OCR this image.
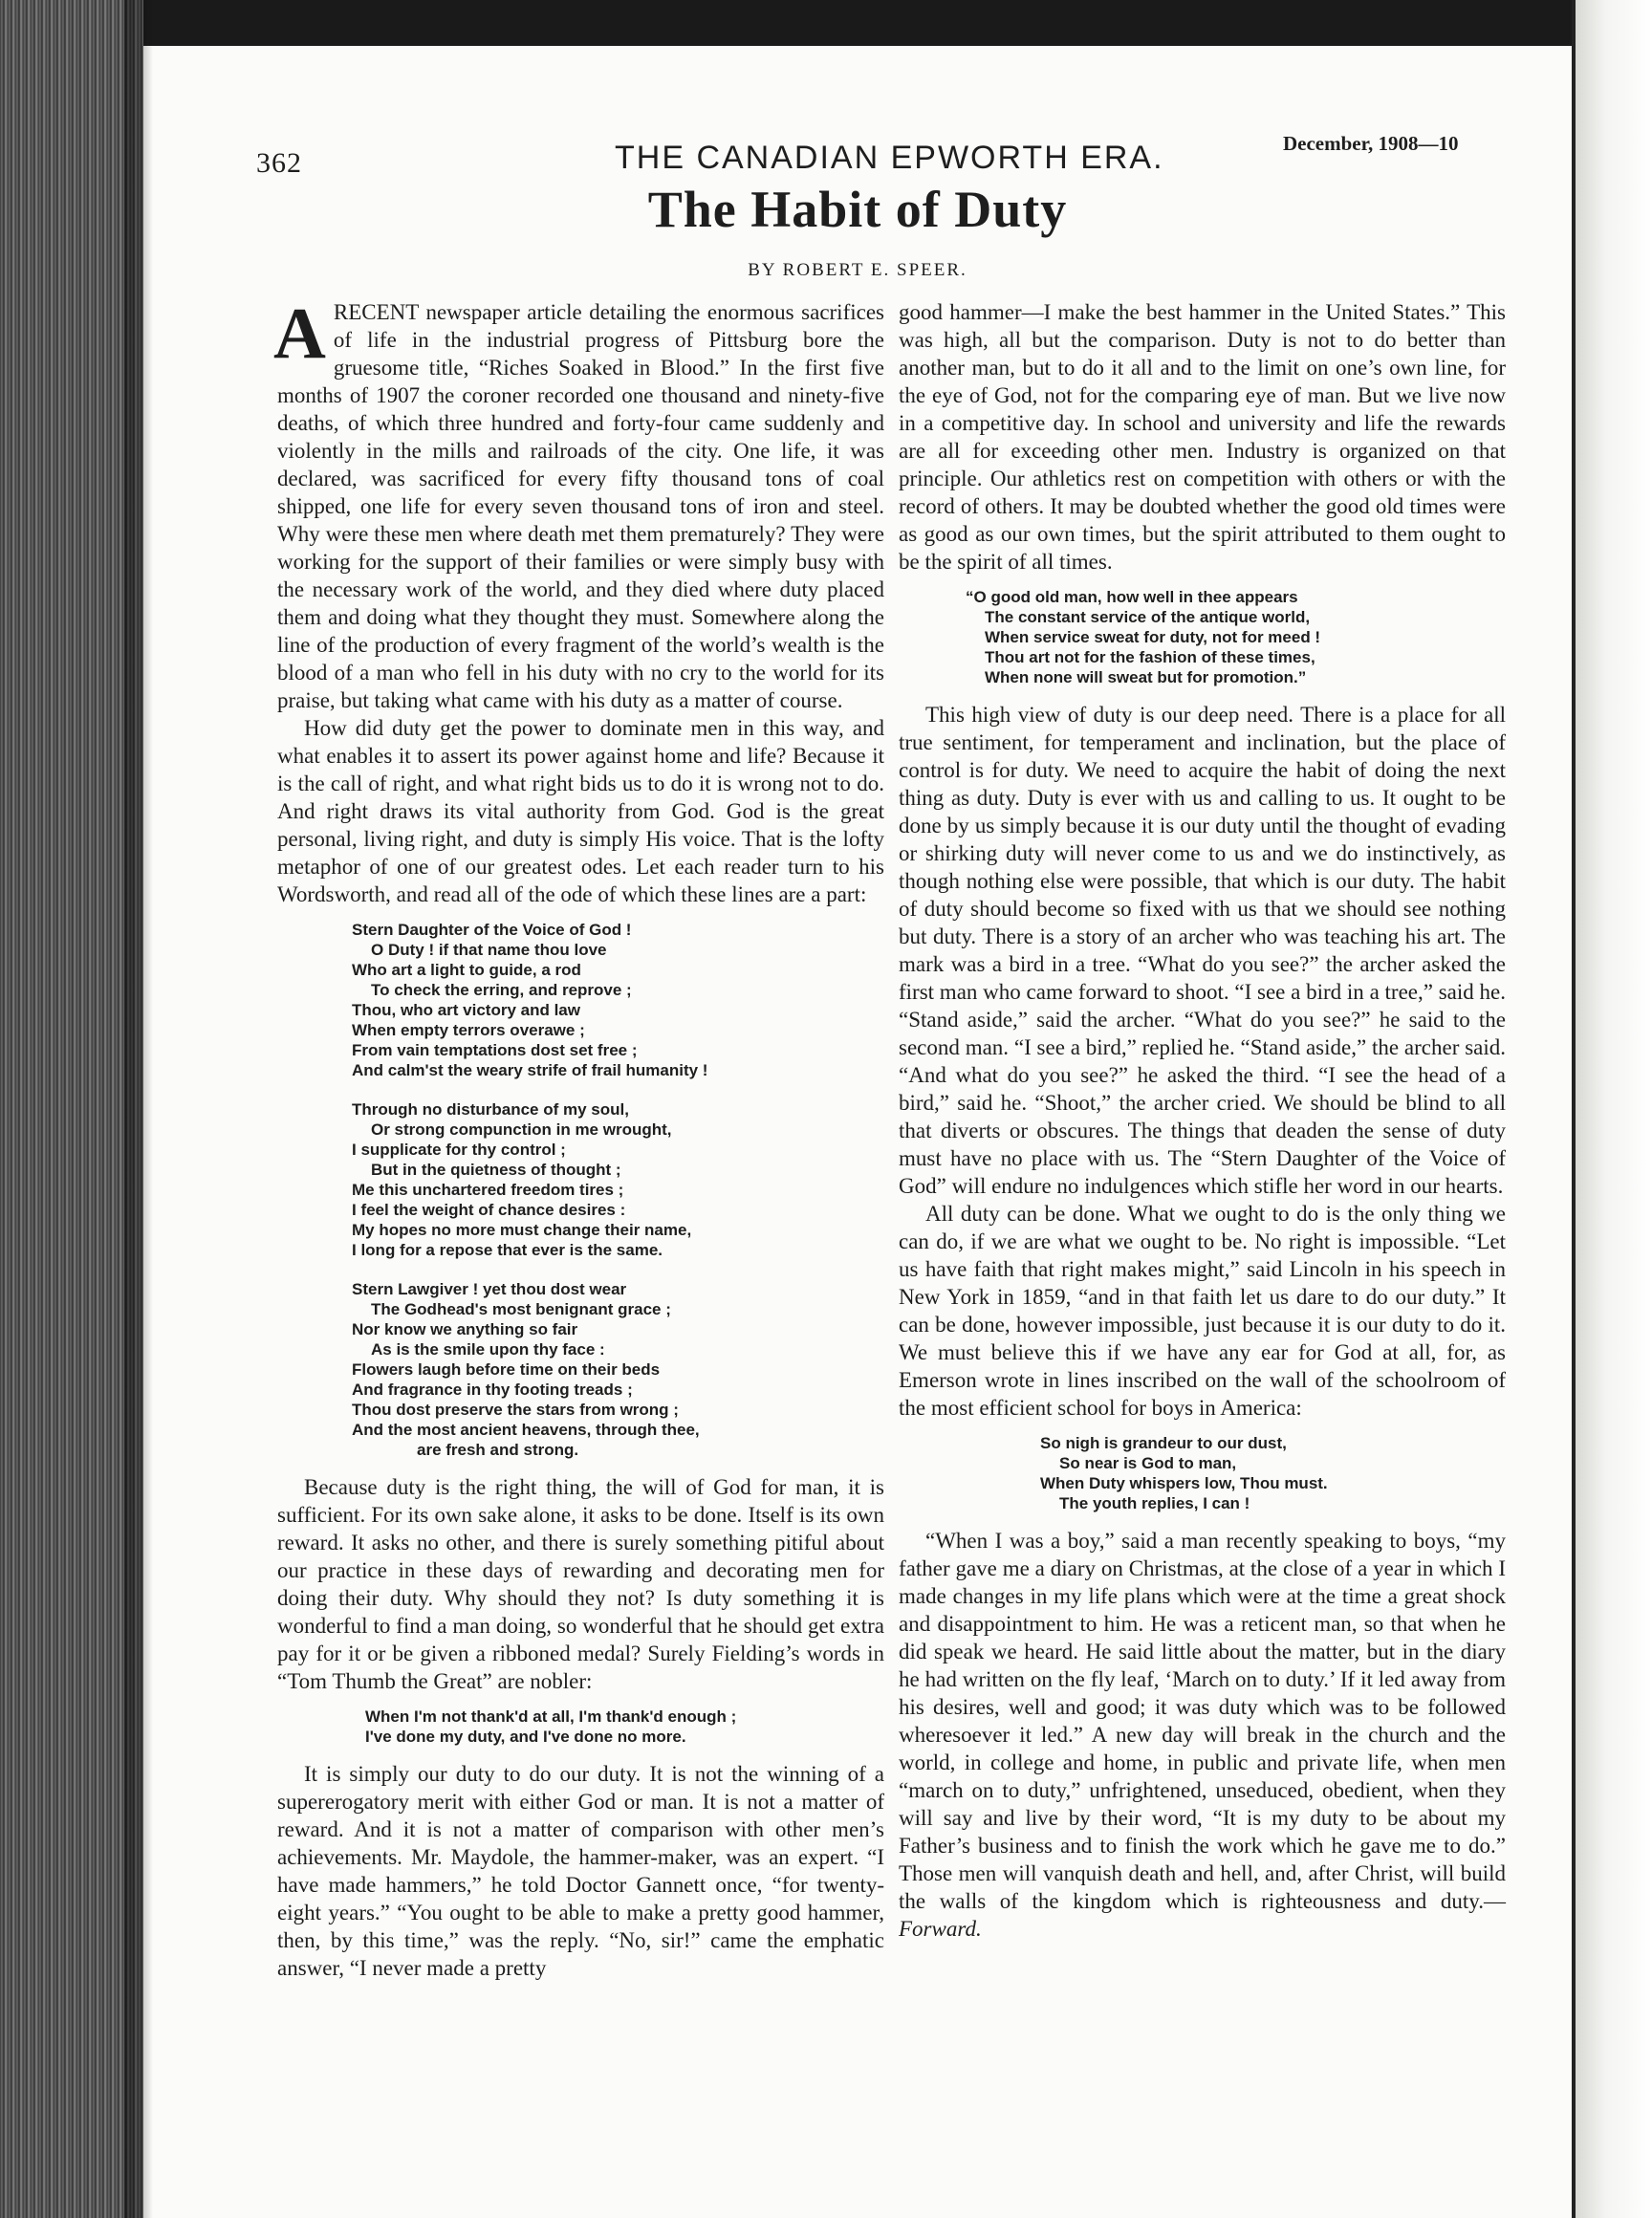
362	THE CANADIAN EPWORTH ERA.	December, 1908—10
The Habit of Duty
BY ROBERT E. SPEER.

A RECENT newspaper article detailing the enormous sacrifices of life in the industrial progress of Pittsburg bore the gruesome title, “Riches Soaked in Blood.” In the first five months of 1907 the coroner recorded one thousand and ninety-five deaths, of which three hundred and forty-four came suddenly and violently in the mills and railroads of the city. One life, it was declared, was sacrificed for every fifty thousand tons of coal shipped, one life for every seven thousand tons of iron and steel. Why were these men where death met them prematurely? They were working for the support of their families or were simply busy with the necessary work of the world, and they died where duty placed them and doing what they thought they must. Somewhere along the line of the production of every fragment of the world’s wealth is the blood of a man who fell in his duty with no cry to the world for its praise, but taking what came with his duty as a matter of course.

How did duty get the power to dominate men in this way, and what enables it to assert its power against home and life? Because it is the call of right, and what right bids us to do it is wrong not to do. And right draws its vital authority from God. God is the great personal, living right, and duty is simply His voice. That is the lofty metaphor of one of our greatest odes. Let each reader turn to his Wordsworth, and read all of the ode of which these lines are a part:

Stern Daughter of the Voice of God !
O Duty ! if that name thou love
Who art a light to guide, a rod
To check the erring, and reprove ;
Thou, who art victory and law
When empty terrors overawe ;
From vain temptations dost set free ;
And calm'st the weary strife of frail humanity !
Through no disturbance of my soul,
Or strong compunction in me wrought,
I supplicate for thy control ;
But in the quietness of thought ;
Me this unchartered freedom tires ;
I feel the weight of chance desires :
My hopes no more must change their name,
I long for a repose that ever is the same.
Stern Lawgiver ! yet thou dost wear
The Godhead's most benignant grace ;
Nor know we anything so fair
As is the smile upon thy face :
Flowers laugh before time on their beds
And fragrance in thy footing treads ;
Thou dost preserve the stars from wrong ;
And the most ancient heavens, through thee,
are fresh and strong.

Because duty is the right thing, the will of God for man, it is sufficient. For its own sake alone, it asks to be done. Itself is its own reward. It asks no other, and there is surely something pitiful about our practice in these days of rewarding and decorating men for doing their duty. Why should they not? Is duty something it is wonderful to find a man doing, so wonderful that he should get extra pay for it or be given a ribboned medal? Surely Fielding’s words in “Tom Thumb the Great” are nobler:

When I'm not thank'd at all, I'm thank'd enough ;
I've done my duty, and I've done no more.

It is simply our duty to do our duty. It is not the winning of a supererogatory merit with either God or man. It is not a matter of reward. And it is not a matter of comparison with other men’s achievements. Mr. Maydole, the hammer-maker, was an expert. “I have made hammers,” he told Doctor Gannett once, “for twenty-eight years.” “You ought to be able to make a pretty good hammer, then, by this time,” was the reply. “No, sir!” came the emphatic answer, “I never made a pretty

good hammer—I make the best hammer in the United States.” This was high, all but the comparison. Duty is not to do better than another man, but to do it all and to the limit on one’s own line, for the eye of God, not for the comparing eye of man. But we live now in a competitive day. In school and university and life the rewards are all for exceeding other men. Industry is organized on that principle. Our athletics rest on competition with others or with the record of others. It may be doubted whether the good old times were as good as our own times, but the spirit attributed to them ought to be the spirit of all times.

“O good old man, how well in thee appears
The constant service of the antique world,
When service sweat for duty, not for meed !
Thou art not for the fashion of these times,
When none will sweat but for promotion.”

This high view of duty is our deep need. There is a place for all true sentiment, for temperament and inclination, but the place of control is for duty. We need to acquire the habit of doing the next thing as duty. Duty is ever with us and calling to us. It ought to be done by us simply because it is our duty until the thought of evading or shirking duty will never come to us and we do instinctively, as though nothing else were possible, that which is our duty. The habit of duty should become so fixed with us that we should see nothing but duty. There is a story of an archer who was teaching his art. The mark was a bird in a tree. “What do you see?” the archer asked the first man who came forward to shoot. “I see a bird in a tree,” said he. “Stand aside,” said the archer. “What do you see?” he said to the second man. “I see a bird,” replied he. “Stand aside,” the archer said. “And what do you see?” he asked the third. “I see the head of a bird,” said he. “Shoot,” the archer cried. We should be blind to all that diverts or obscures. The things that deaden the sense of duty must have no place with us. The “Stern Daughter of the Voice of God” will endure no indulgences which stifle her word in our hearts.

All duty can be done. What we ought to do is the only thing we can do, if we are what we ought to be. No right is impossible. “Let us have faith that right makes might,” said Lincoln in his speech in New York in 1859, “and in that faith let us dare to do our duty.” It can be done, however impossible, just because it is our duty to do it. We must believe this if we have any ear for God at all, for, as Emerson wrote in lines inscribed on the wall of the schoolroom of the most efficient school for boys in America:

So nigh is grandeur to our dust,
So near is God to man,
When Duty whispers low, Thou must.
The youth replies, I can !

“When I was a boy,” said a man recently speaking to boys, “my father gave me a diary on Christmas, at the close of a year in which I made changes in my life plans which were at the time a great shock and disappointment to him. He was a reticent man, so that when he did speak we heard. He said little about the matter, but in the diary he had written on the fly leaf, ‘March on to duty.’ If it led away from his desires, well and good; it was duty which was to be followed wheresoever it led.” A new day will break in the church and the world, in college and home, in public and private life, when men “march on to duty,” unfrightened, unseduced, obedient, when they will say and live by their word, “It is my duty to be about my Father’s business and to finish the work which he gave me to do.” Those men will vanquish death and hell, and, after Christ, will build the walls of the kingdom which is righteousness and duty.—Forward.
